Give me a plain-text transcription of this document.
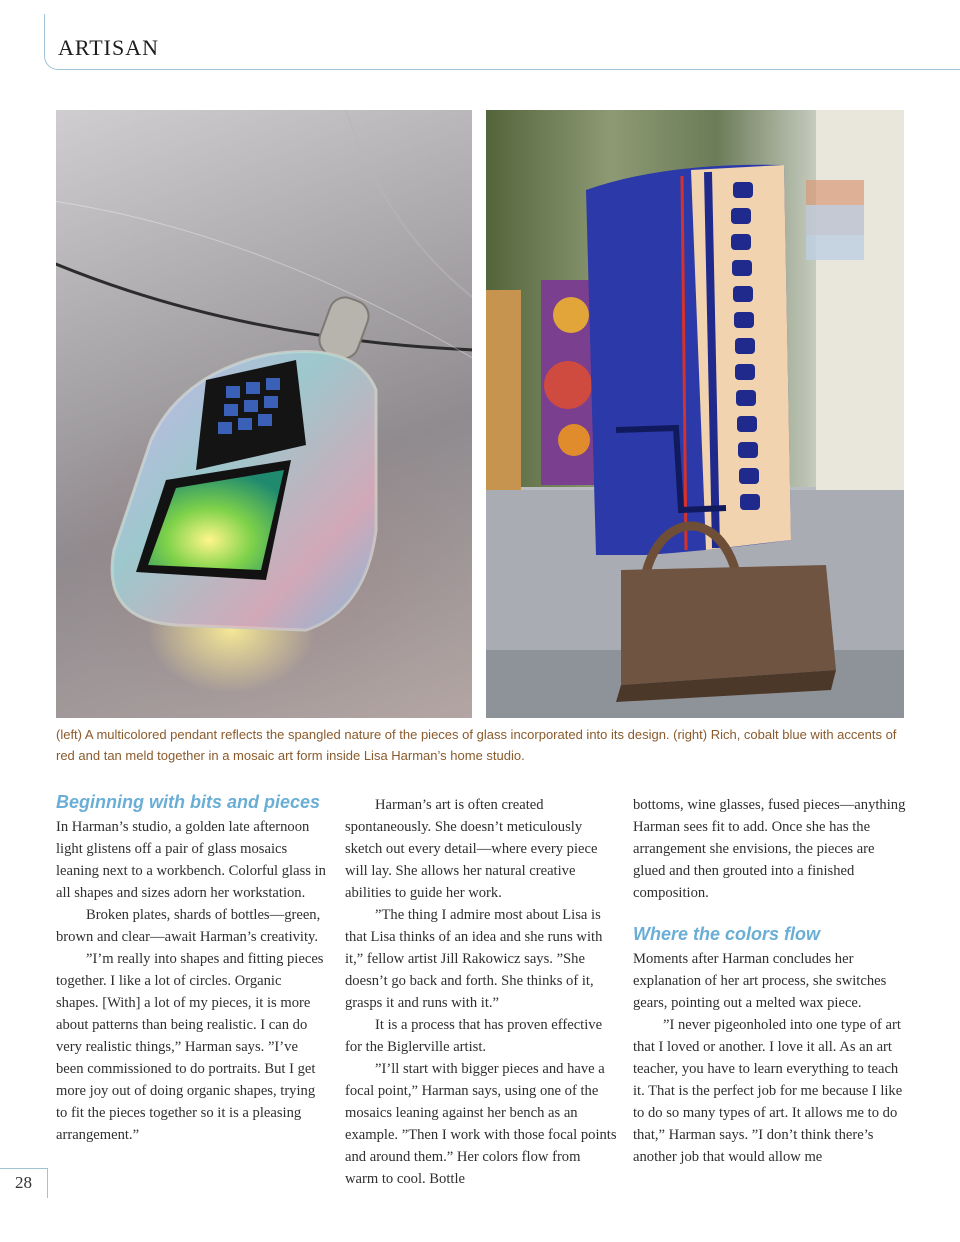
ARTISAN

(left) A multicolored pendant reflects the spangled nature of the pieces of glass incorporated into its design. (right) Rich, cobalt blue with accents of red and tan meld together in a mosaic art form inside Lisa Harman’s home studio.

Beginning with bits and pieces

In Harman’s studio, a golden late afternoon light glistens off a pair of glass mosaics leaning next to a workbench. Colorful glass in all shapes and sizes adorn her workstation.

Broken plates, shards of bottles—green, brown and clear—await Harman’s creativity.

”I’m really into shapes and fitting pieces together. I like a lot of circles. Organic shapes. [With] a lot of my pieces, it is more about patterns than being realistic. I can do very realistic things,” Harman says. ”I’ve been commissioned to do portraits. But I get more joy out of doing organic shapes, trying to fit the pieces together so it is a pleasing arrangement.”

Harman’s art is often created spontaneously. She doesn’t meticulously sketch out every detail—where every piece will lay. She allows her natural creative abilities to guide her work.

”The thing I admire most about Lisa is that Lisa thinks of an idea and she runs with it,” fellow artist Jill Rakowicz says. ”She doesn’t go back and forth. She thinks of it, grasps it and runs with it.”

It is a process that has proven effective for the Biglerville artist.

”I’ll start with bigger pieces and have a focal point,” Harman says, using one of the mosaics leaning against her bench as an example. ”Then I work with those focal points and around them.” Her colors flow from warm to cool. Bottle

bottoms, wine glasses, fused pieces—anything Harman sees fit to add. Once she has the arrangement she envisions, the pieces are glued and then grouted into a finished composition.

Where the colors flow

Moments after Harman concludes her explanation of her art process, she switches gears, pointing out a melted wax piece.

”I never pigeonholed into one type of art that I loved or another. I love it all. As an art teacher, you have to learn everything to teach it. That is the perfect job for me because I like to do so many types of art. It allows me to do that,” Harman says. ”I don’t think there’s another job that would allow me

28
